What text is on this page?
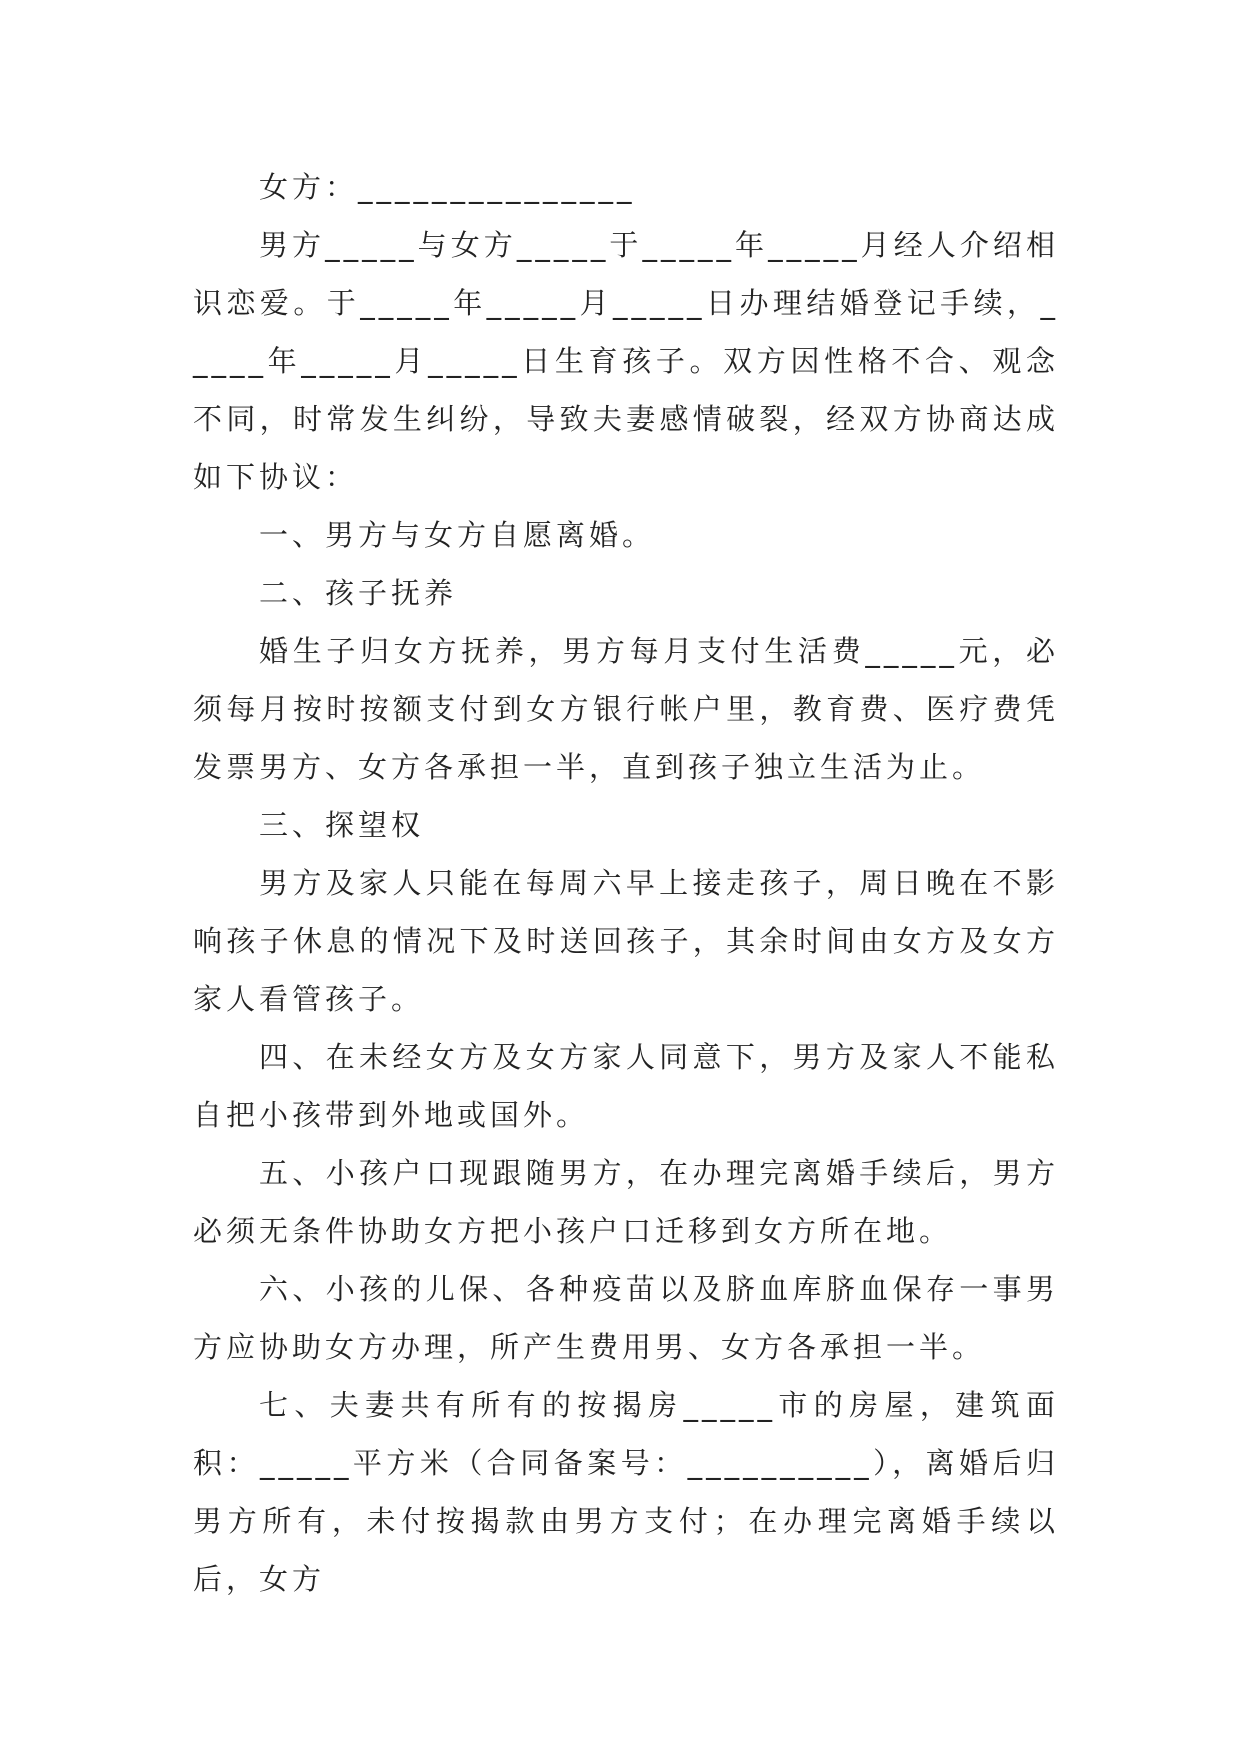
女方：_______________

男方_____与女方_____于_____年_____月经人介绍相识恋爱。于_____年_____月_____日办理结婚登记手续，_____年_____月_____日生育孩子。双方因性格不合、观念不同，时常发生纠纷，导致夫妻感情破裂，经双方协商达成如下协议：

一、男方与女方自愿离婚。

二、孩子抚养

婚生子归女方抚养，男方每月支付生活费_____元，必须每月按时按额支付到女方银行帐户里，教育费、医疗费凭发票男方、女方各承担一半，直到孩子独立生活为止。

三、探望权

男方及家人只能在每周六早上接走孩子，周日晚在不影响孩子休息的情况下及时送回孩子，其余时间由女方及女方家人看管孩子。

四、在未经女方及女方家人同意下，男方及家人不能私自把小孩带到外地或国外。

五、小孩户口现跟随男方，在办理完离婚手续后，男方必须无条件协助女方把小孩户口迁移到女方所在地。

六、小孩的儿保、各种疫苗以及脐血库脐血保存一事男方应协助女方办理，所产生费用男、女方各承担一半。

七、夫妻共有所有的按揭房_____市的房屋，建筑面积：_____平方米（合同备案号：__________），离婚后归男方所有，未付按揭款由男方支付；在办理完离婚手续以后，女方
